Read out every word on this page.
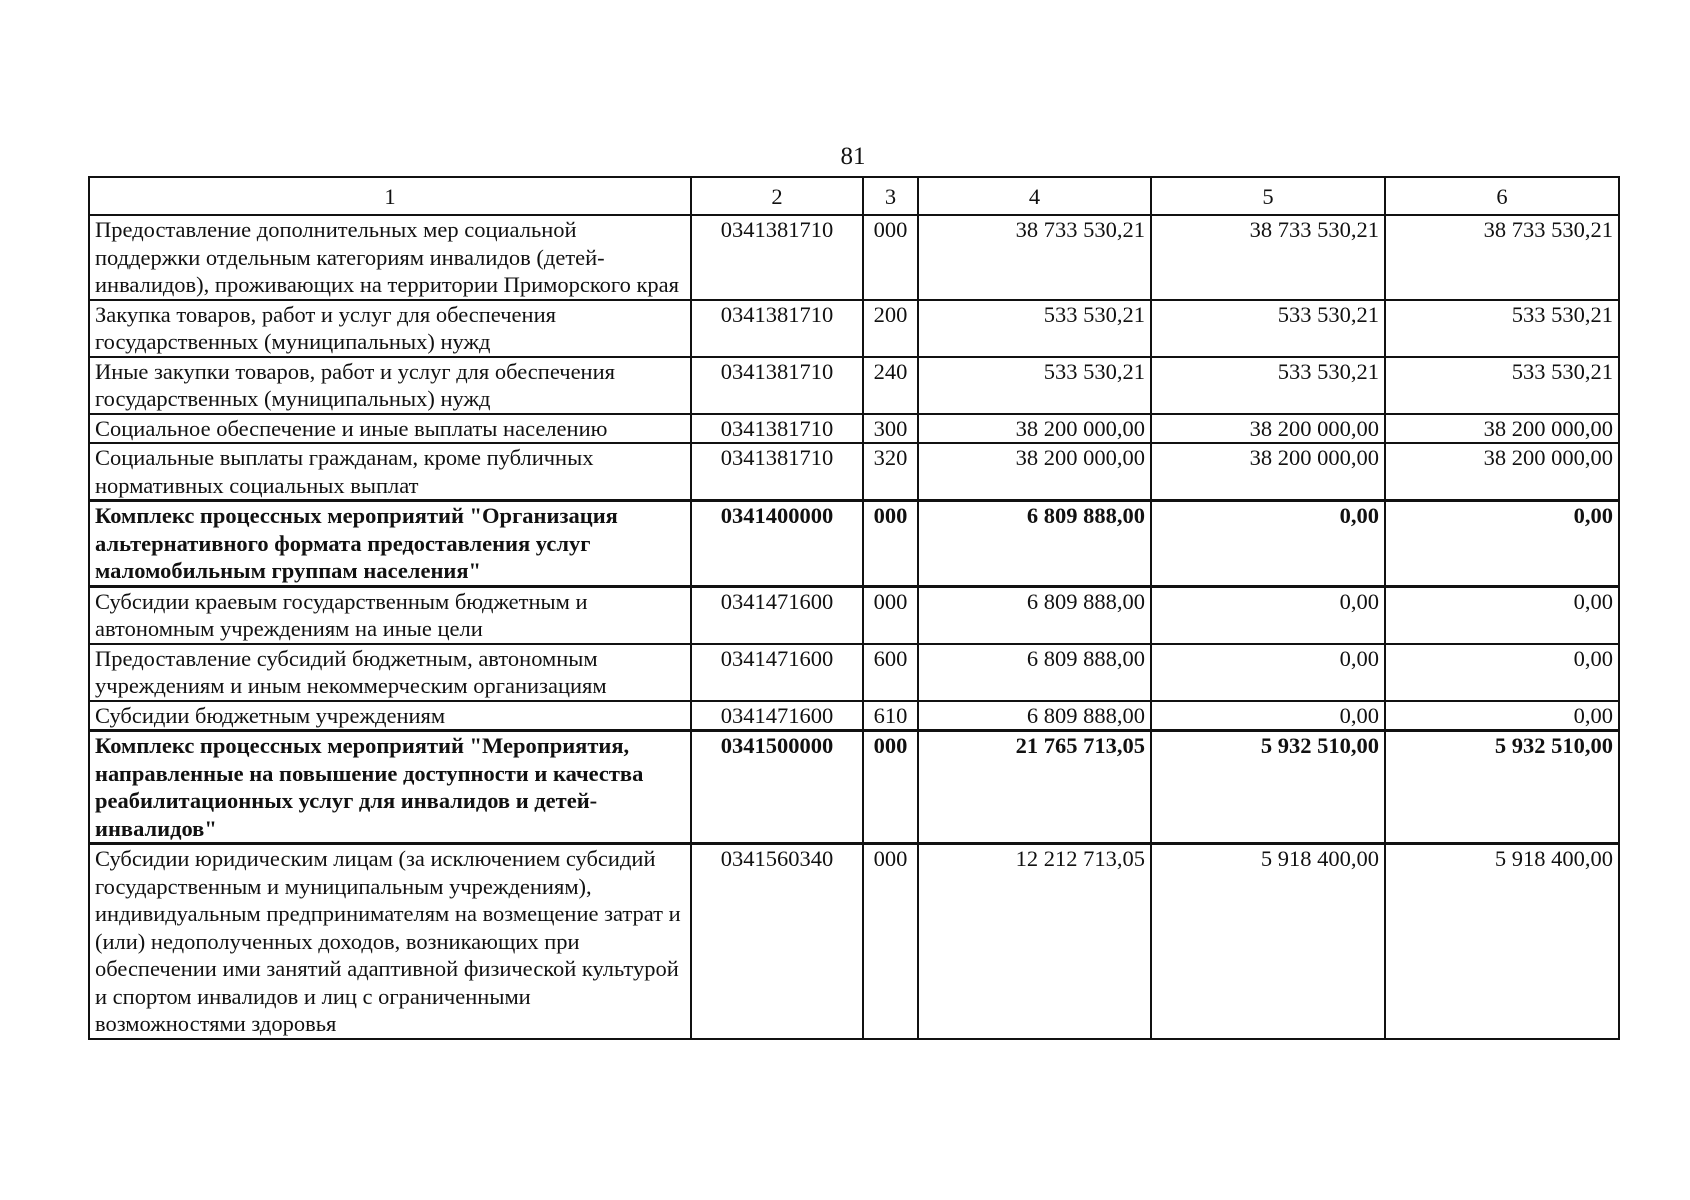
81
1	2	3	4	5	6
Предоставление дополнительных мер социальной поддержки отдельным категориям инвалидов (детей-инвалидов), проживающих на территории Приморского края	0341381710	000	38 733 530,21	38 733 530,21	38 733 530,21
Закупка товаров, работ и услуг для обеспечения государственных (муниципальных) нужд	0341381710	200	533 530,21	533 530,21	533 530,21
Иные закупки товаров, работ и услуг для обеспечения государственных (муниципальных) нужд	0341381710	240	533 530,21	533 530,21	533 530,21
Социальное обеспечение и иные выплаты населению	0341381710	300	38 200 000,00	38 200 000,00	38 200 000,00
Социальные выплаты гражданам, кроме публичных нормативных социальных выплат	0341381710	320	38 200 000,00	38 200 000,00	38 200 000,00
Комплекс процессных мероприятий "Организация альтернативного формата предоставления услуг маломобильным группам населения"	0341400000	000	6 809 888,00	0,00	0,00
Субсидии краевым государственным бюджетным и автономным учреждениям на иные цели	0341471600	000	6 809 888,00	0,00	0,00
Предоставление субсидий бюджетным, автономным учреждениям и иным некоммерческим организациям	0341471600	600	6 809 888,00	0,00	0,00
Субсидии бюджетным учреждениям	0341471600	610	6 809 888,00	0,00	0,00
Комплекс процессных мероприятий "Мероприятия, направленные на повышение доступности и качества реабилитационных услуг для инвалидов и детей-инвалидов"	0341500000	000	21 765 713,05	5 932 510,00	5 932 510,00
Субсидии юридическим лицам (за исключением субсидий государственным и муниципальным учреждениям), индивидуальным предпринимателям на возмещение затрат и (или) недополученных доходов, возникающих при обеспечении ими занятий адаптивной физической культурой и спортом инвалидов и лиц с ограниченными возможностями здоровья	0341560340	000	12 212 713,05	5 918 400,00	5 918 400,00
